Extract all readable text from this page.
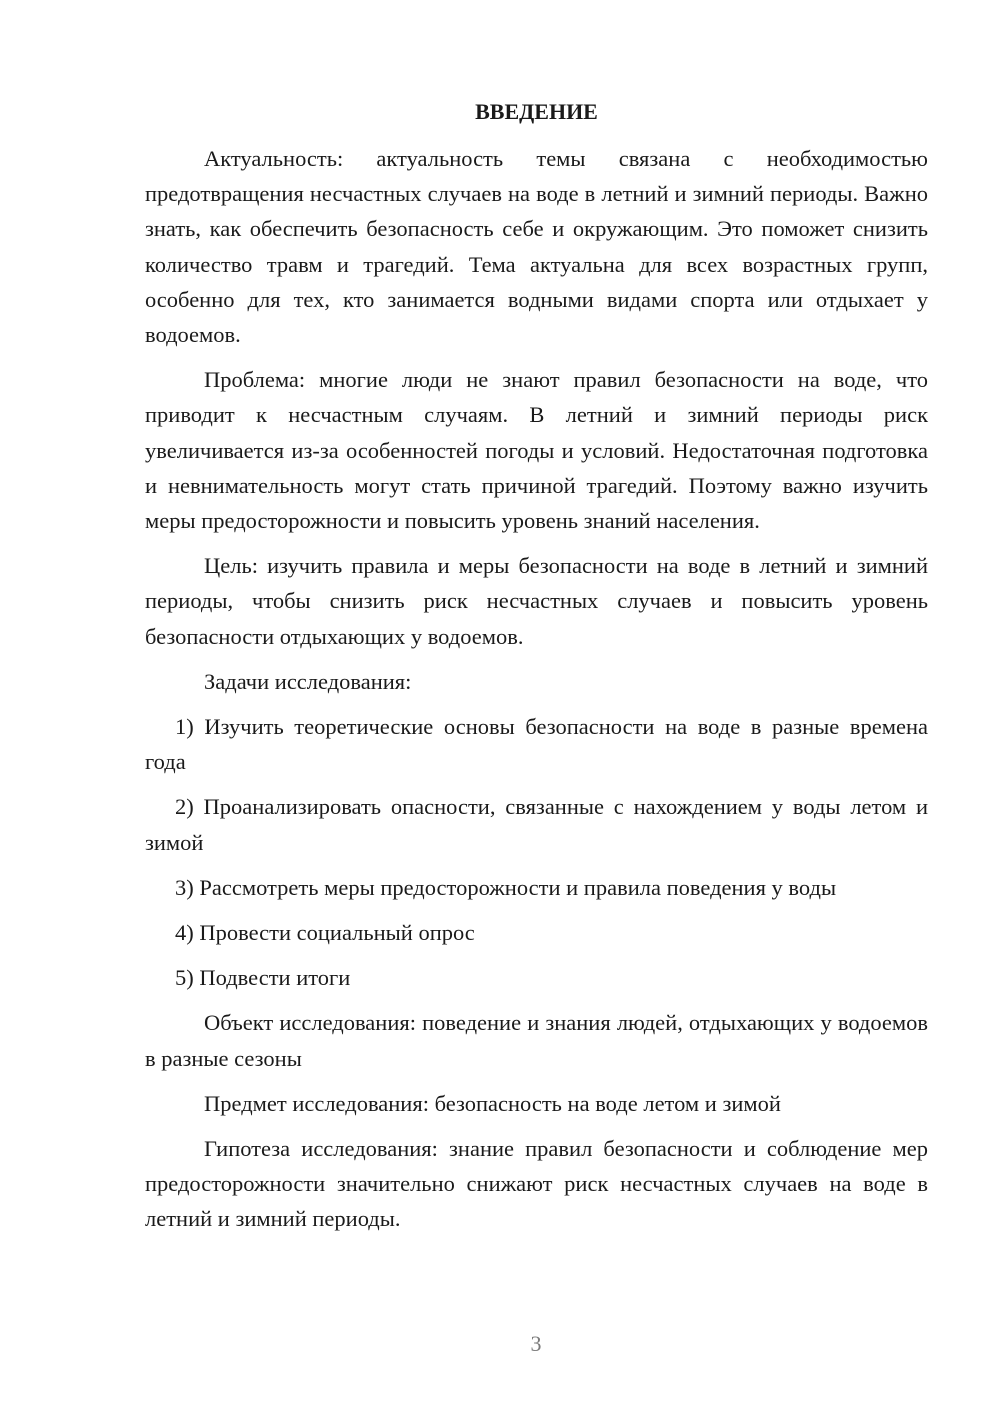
ВВЕДЕНИЕ

Актуальность: актуальность темы связана с необходимостью предотвращения несчастных случаев на воде в летний и зимний периоды. Важно знать, как обеспечить безопасность себе и окружающим. Это поможет снизить количество травм и трагедий. Тема актуальна для всех возрастных групп, особенно для тех, кто занимается водными видами спорта или отдыхает у водоемов.

Проблема: многие люди не знают правил безопасности на воде, что приводит к несчастным случаям. В летний и зимний периоды риск увеличивается из-за особенностей погоды и условий. Недостаточная подготовка и невнимательность могут стать причиной трагедий. Поэтому важно изучить меры предосторожности и повысить уровень знаний населения.

Цель: изучить правила и меры безопасности на воде в летний и зимний периоды, чтобы снизить риск несчастных случаев и повысить уровень безопасности отдыхающих у водоемов.

Задачи исследования:

1) Изучить теоретические основы безопасности на воде в разные времена года

2) Проанализировать опасности, связанные с нахождением у воды летом и зимой

3) Рассмотреть меры предосторожности и правила поведения у воды

4) Провести социальный опрос

5) Подвести итоги

Объект исследования: поведение и знания людей, отдыхающих у водоемов в разные сезоны

Предмет исследования: безопасность на воде летом и зимой

Гипотеза исследования: знание правил безопасности и соблюдение мер предосторожности значительно снижают риск несчастных случаев на воде в летний и зимний периоды.

3
